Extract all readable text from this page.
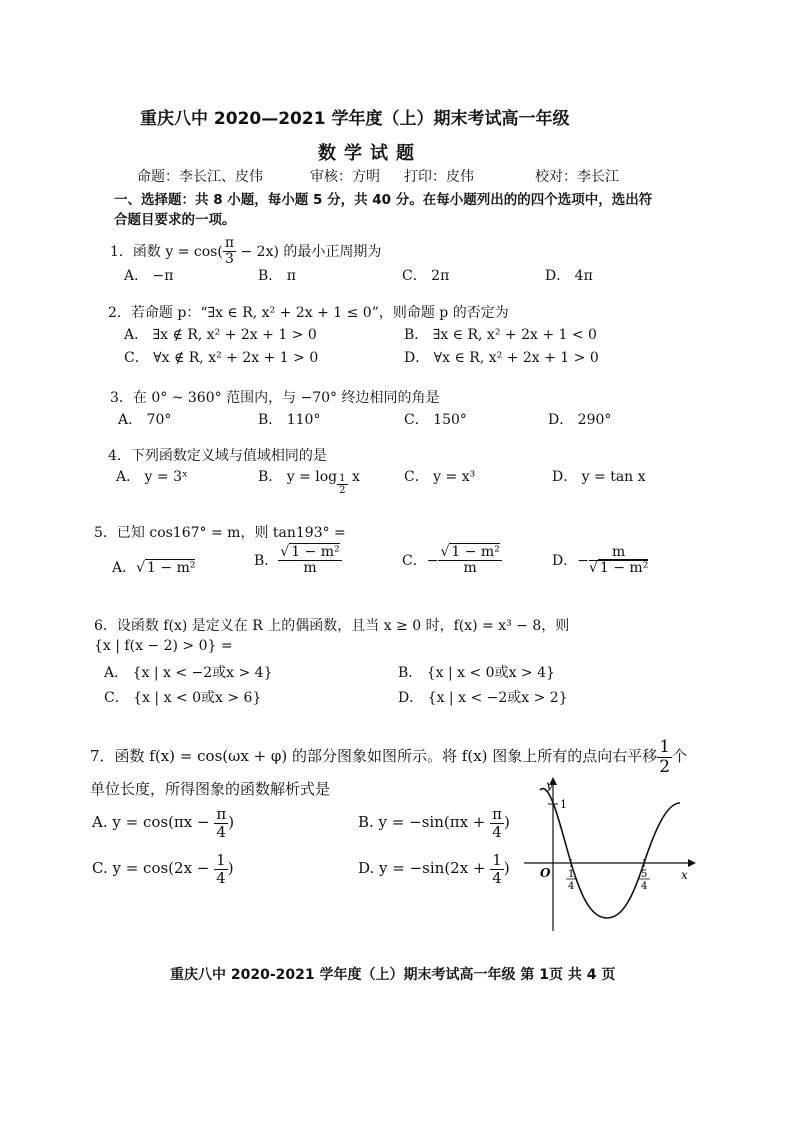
重庆八中 2020—2021 学年度（上）期末考试高一年级
数学试题
命题：李长江、皮伟	审核：方明 打印：皮伟	校对：李长江
一、选择题：共 8 小题，每小题 5 分，共 40 分。在每小题列出的的四个选项中，选出符
合题目要求的一项。
1．函数 $y = \cos( \frac{\pi}{3} - 2x)$ 的最小正周期为
A． −π	B． π	C． 2π	D． 4π
2．若命题 p：“∃x ∈ R, x² + 2x + 1 ≤ 0”，则命题 p 的否定为
A． ∃x ∉ R, x² + 2x + 1 > 0	B． ∃x ∈ R, x² + 2x + 1 < 0
C． ∀x ∉ R, x² + 2x + 1 > 0	D． ∀x ∈ R, x² + 2x + 1 > 0
3．在 0° ~ 360° 范围内，与 −70° 终边相同的角是
A． 70°	B． 110°	C． 150°	D． 290°
4．下列函数定义域与值域相同的是
A． y = 3ˣ	B． $y = \log \frac{1}{2}$ x	C． y = x³	D． y = tan x
5．已知 cos167° = m，则 tan193° =
A．√ 1 − m²	B． $\frac{\text{√ 1 − m²}}{m}$	C．− $\frac{\text{√ 1 − m²}}{m}$	D．− $\frac{m}{\text{√ 1 − m²}}$
6．设函数 f(x) 是定义在 R 上的偶函数，且当 x ≥ 0 时，f(x) = x³ − 8，则
{x | f(x − 2) > 0} =
A． {x | x < −2或x > 4}	B． {x | x < 0或x > 4}
C． {x | x < 0或x > 6}	D． {x | x < −2或x > 2}
7．函数 f(x) = cos(ωx + φ) 的部分图象如图所示。将 f(x) 图象上所有的点向右平移 $\frac{1}{2}$ 个
单位长度，所得图象的函数解析式是
A. $y = \cos(\pi x - \frac{\pi}{4}$ )	B. $y = -\sin(\pi x + \frac{\pi}{4}$ )
C. $y = \cos(2x - \frac{1}{4}$ )	D. $y = -\sin(2x + \frac{1}{4}$ )
y
1
x
O 1
4
5
4
重庆八中 2020-2021 学年度（上）期末考试高一年级 第 1页 共 4 页
